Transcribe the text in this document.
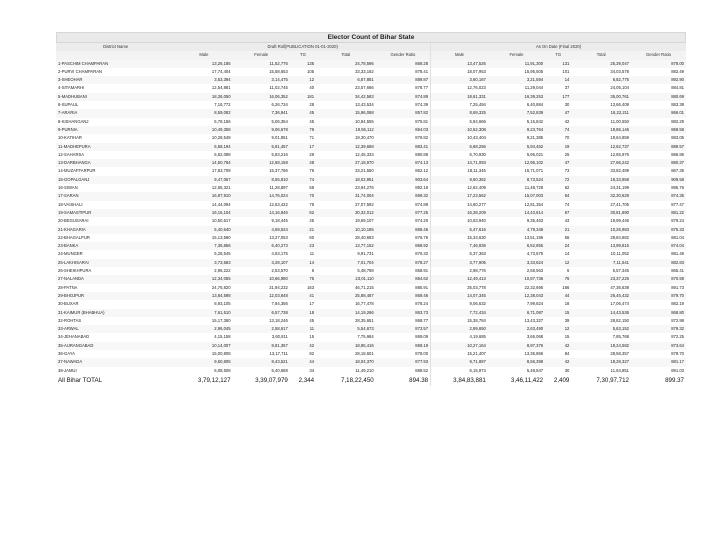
Elector Count of Bihar State
District Name	Draft Roll(PUBLICATION 01-01-2020)					As On Date (Final 2020)				
	Male	Female	TG	Total	Gender Ratio	Male	Female	TG	Total	Gender Ratio
1-PASCHIM CHAMPARAN	13,26,185	11,52,776	135	24,78,596	869.28	13,47,526	11,91,300	131	25,39,047	878.00
2-PURVI CHAMPARAN	17,74,404	15,58,653	105	33,33,162	878.41	18,07,953	15,95,505	101	34,03,578	882.49
3-SHEOHAR	3,53,394	3,14,475	12	6,67,881	889.87	3,60,167	3,21,594	14	6,82,775	892.90
4-SITAMARHI	12,54,881	11,02,745	40	23,57,666	878.77	12,76,023	11,29,044	37	24,05,104	884.81
5-MADHUBANI	18,36,050	16,06,352	181	34,42,583	874.89	18,61,331	16,39,253	177	35,00,761	880.69
6-SUPAUL	7,16,772	6,26,734	28	13,43,534	874.39	7,25,494	6,40,884	30	13,66,408	883.38
7-ARARIA	8,59,082	7,36,941	45	15,96,068	857.82	8,69,325	7,52,839	47	16,22,211	866.01
8-KISHANGANJ	5,78,156	5,06,354	45	10,84,555	875.81	5,84,666	5,15,842	42	11,00,550	882.29
9-PURNIA	10,49,358	9,06,678	76	19,56,112	864.03	10,62,308	9,23,764	74	19,86,146	869.58
10-KATIHAR	10,28,548	9,01,851	71	19,30,470	876.82	10,43,404	9,21,385	70	19,64,859	883.05
11-MADHEPURA	6,58,194	5,81,457	17	12,39,668	883.41	6,68,256	5,94,462	19	12,62,737	889.57
12-SAHARSA	6,62,088	5,83,216	29	12,45,333	880.88	6,70,930	5,95,021	25	12,65,976	886.86
13-DARBHANGA	14,50,764	12,68,158	48	27,18,970	874.13	14,71,093	12,95,102	47	27,66,242	880.37
14-MUZAFFARPUR	17,83,708	15,37,766	76	33,21,550	862.12	18,11,345	15,71,071	73	33,82,489	867.35
15-GOPALGANJ	9,47,067	8,55,810	74	18,02,951	903.64	9,60,362	8,73,524	72	18,33,958	909.58
16-SIWAN	12,65,321	11,28,897	58	23,94,276	892.18	12,82,409	11,48,728	62	24,31,199	895.76
17-SARAN	16,97,910	14,76,024	70	31,74,004	869.32	17,23,562	15,07,003	64	32,30,629	874.35
18-VAISHALI	14,44,094	12,63,422	76	27,07,592	874.89	14,60,277	12,81,354	74	27,41,705	877.47
19-SAMASTIPUR	16,15,104	14,16,846	62	30,32,012	877.25	16,38,209	14,43,614	67	30,81,890	881.22
20-BEGUSARAI	10,50,617	9,18,445	45	19,69,107	874.20	10,63,940	9,35,463	43	19,99,446	879.24
21-KHAGARIA	5,40,640	4,69,524	21	10,10,185	868.46	5,47,616	4,79,346	21	10,26,983	875.33
22-BHAGALPUR	15,13,580	13,27,053	60	28,40,693	876.76	15,33,630	13,51,196	56	28,84,882	881.04
23-BANKA	7,36,856	6,40,273	23	13,77,152	868.92	7,46,936	6,52,855	24	13,99,815	874.04
24-MUNGER	5,28,545	4,63,175	11	9,91,731	876.32	5,37,363	4,73,675	14	10,11,052	881.48
25-LAKHISARAI	3,73,583	3,28,107	14	7,01,704	878.27	3,77,905	3,33,624	12	7,11,541	882.83
26-SHEIKHPURA	2,95,222	2,53,570	6	5,48,798	858.91	2,98,776	2,58,563	6	5,57,345	865.41
27-NALANDA	12,34,055	10,66,980	75	23,01,110	864.62	12,49,413	10,87,736	76	23,37,225	870.59
28-PATNA	24,76,820	21,94,232	163	46,71,215	885.91	25,03,778	22,32,695	166	47,36,639	891.73
29-BHOJPUR	13,84,598	12,03,848	41	25,88,487	869.46	14,07,345	12,38,043	44	26,45,432	879.70
30-BUXAR	8,93,105	7,84,356	17	16,77,478	878.24	9,06,632	7,99,824	18	17,06,474	882.19
31-KAIMUR (BHABHUA)	7,61,510	6,57,738	18	14,19,266	863.73	7,72,434	6,71,087	15	14,43,536	868.80
32-ROHTAS	15,17,360	13,18,246	45	28,35,651	868.77	15,38,784	13,43,327	39	28,82,150	872.98
33-ARWAL	2,96,045	2,58,617	11	5,54,673	873.57	2,99,650	2,63,490	12	5,63,152	879.32
34-JEHANABAD	4,15,158	3,60,811	15	7,75,984	869.09	4,19,685	3,66,068	15	7,85,768	872.25
35-AURANGABAD	10,14,007	8,81,367	42	18,95,416	869.19	10,27,164	8,97,376	42	19,24,582	873.64
36-GAYA	15,00,808	13,17,711	82	28,18,601	878.00	15,21,407	13,36,866	84	28,58,357	878.70
37-NAWADA	9,60,805	8,43,521	44	18,04,370	877.93	9,71,887	8,56,398	42	18,28,327	881.17
38-JAMUI	6,08,508	5,40,668	34	11,49,210	888.52	6,15,974	5,48,847	30	11,64,851	891.03
All Bihar TOTAL	3,79,12,127	3,39,07,979	2,344	7,18,22,450	894.38	3,84,83,881	3,46,11,422	2,409	7,30,97,712	899.37
